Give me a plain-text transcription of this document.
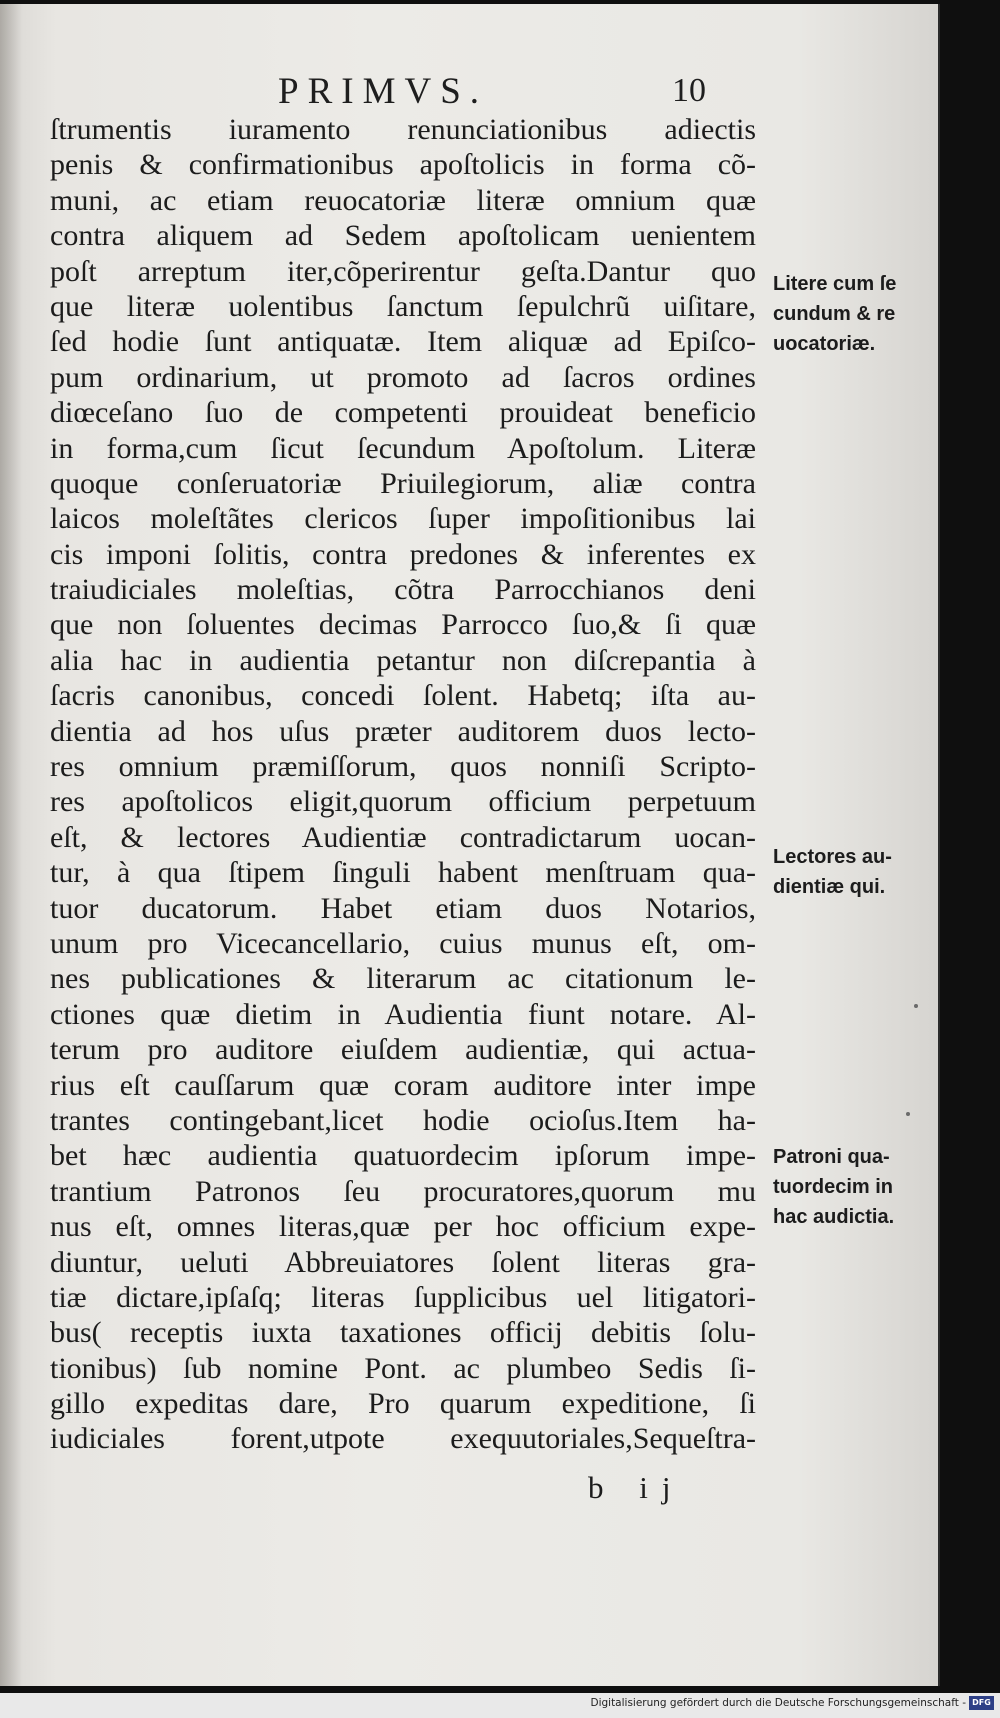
PRIMVS.	10
ſtrumentis iuramento renunciationibus adiectis
penis & confirmationibus apoſtolicis in forma cõ-
muni, ac etiam reuocatoriæ literæ omnium quæ
contra aliquem ad Sedem apoſtolicam uenientem
poſt arreptum iter,cõperirentur geſta.Dantur quo
que literæ uolentibus ſanctum ſepulchrũ uiſitare,
ſed hodie ſunt antiquatæ. Item aliquæ ad Epiſco-
pum ordinarium, ut promoto ad ſacros ordines
diœceſano ſuo de competenti prouideat beneficio
in forma,cum ſicut ſecundum Apoſtolum. Literæ
quoque conſeruatoriæ Priuilegiorum, aliæ contra
laicos moleſtãtes clericos ſuper impoſitionibus lai
cis imponi ſolitis, contra predones & inferentes ex
traiudiciales moleſtias, cõtra Parrocchianos deni
que non ſoluentes decimas Parrocco ſuo,& ſi quæ
alia hac in audientia petantur non diſcrepantia à
ſacris canonibus, concedi ſolent. Habetq; iſta au-
dientia ad hos uſus præter auditorem duos lecto-
res omnium præmiſſorum, quos nonniſi Scripto-
res apoſtolicos eligit,quorum officium perpetuum
eſt, & lectores Audientiæ contradictarum uocan-
tur, à qua ſtipem ſinguli habent menſtruam qua-
tuor ducatorum. Habet etiam duos Notarios,
unum pro Vicecancellario, cuius munus eſt, om-
nes publicationes & literarum ac citationum le-
ctiones quæ dietim in Audientia fiunt notare. Al-
terum pro auditore eiuſdem audientiæ, qui actua-
rius eſt cauſſarum quæ coram auditore inter impe
trantes contingebant,licet hodie ocioſus.Item ha-
bet hæc audientia quatuordecim ipſorum impe-
trantium Patronos ſeu procuratores,quorum mu
nus eſt, omnes literas,quæ per hoc officium expe-
diuntur, ueluti Abbreuiatores ſolent literas gra-
tiæ dictare,ipſaſq; literas ſupplicibus uel litigatori-
bus( receptis iuxta taxationes officij debitis ſolu-
tionibus) ſub nomine Pont. ac plumbeo Sedis ſi-
gillo expeditas dare, Pro quarum expeditione, ſi
iudiciales forent,utpote exequutoriales,Sequeſtra-
b ij
Litere cum ſe
cundum & re
uocatoriæ.
Lectores au-
dientiæ qui.
Patroni qua-
tuordecim in
hac audictia.
Digitalisierung gefördert durch die Deutsche Forschungsgemeinschaft - DFG
